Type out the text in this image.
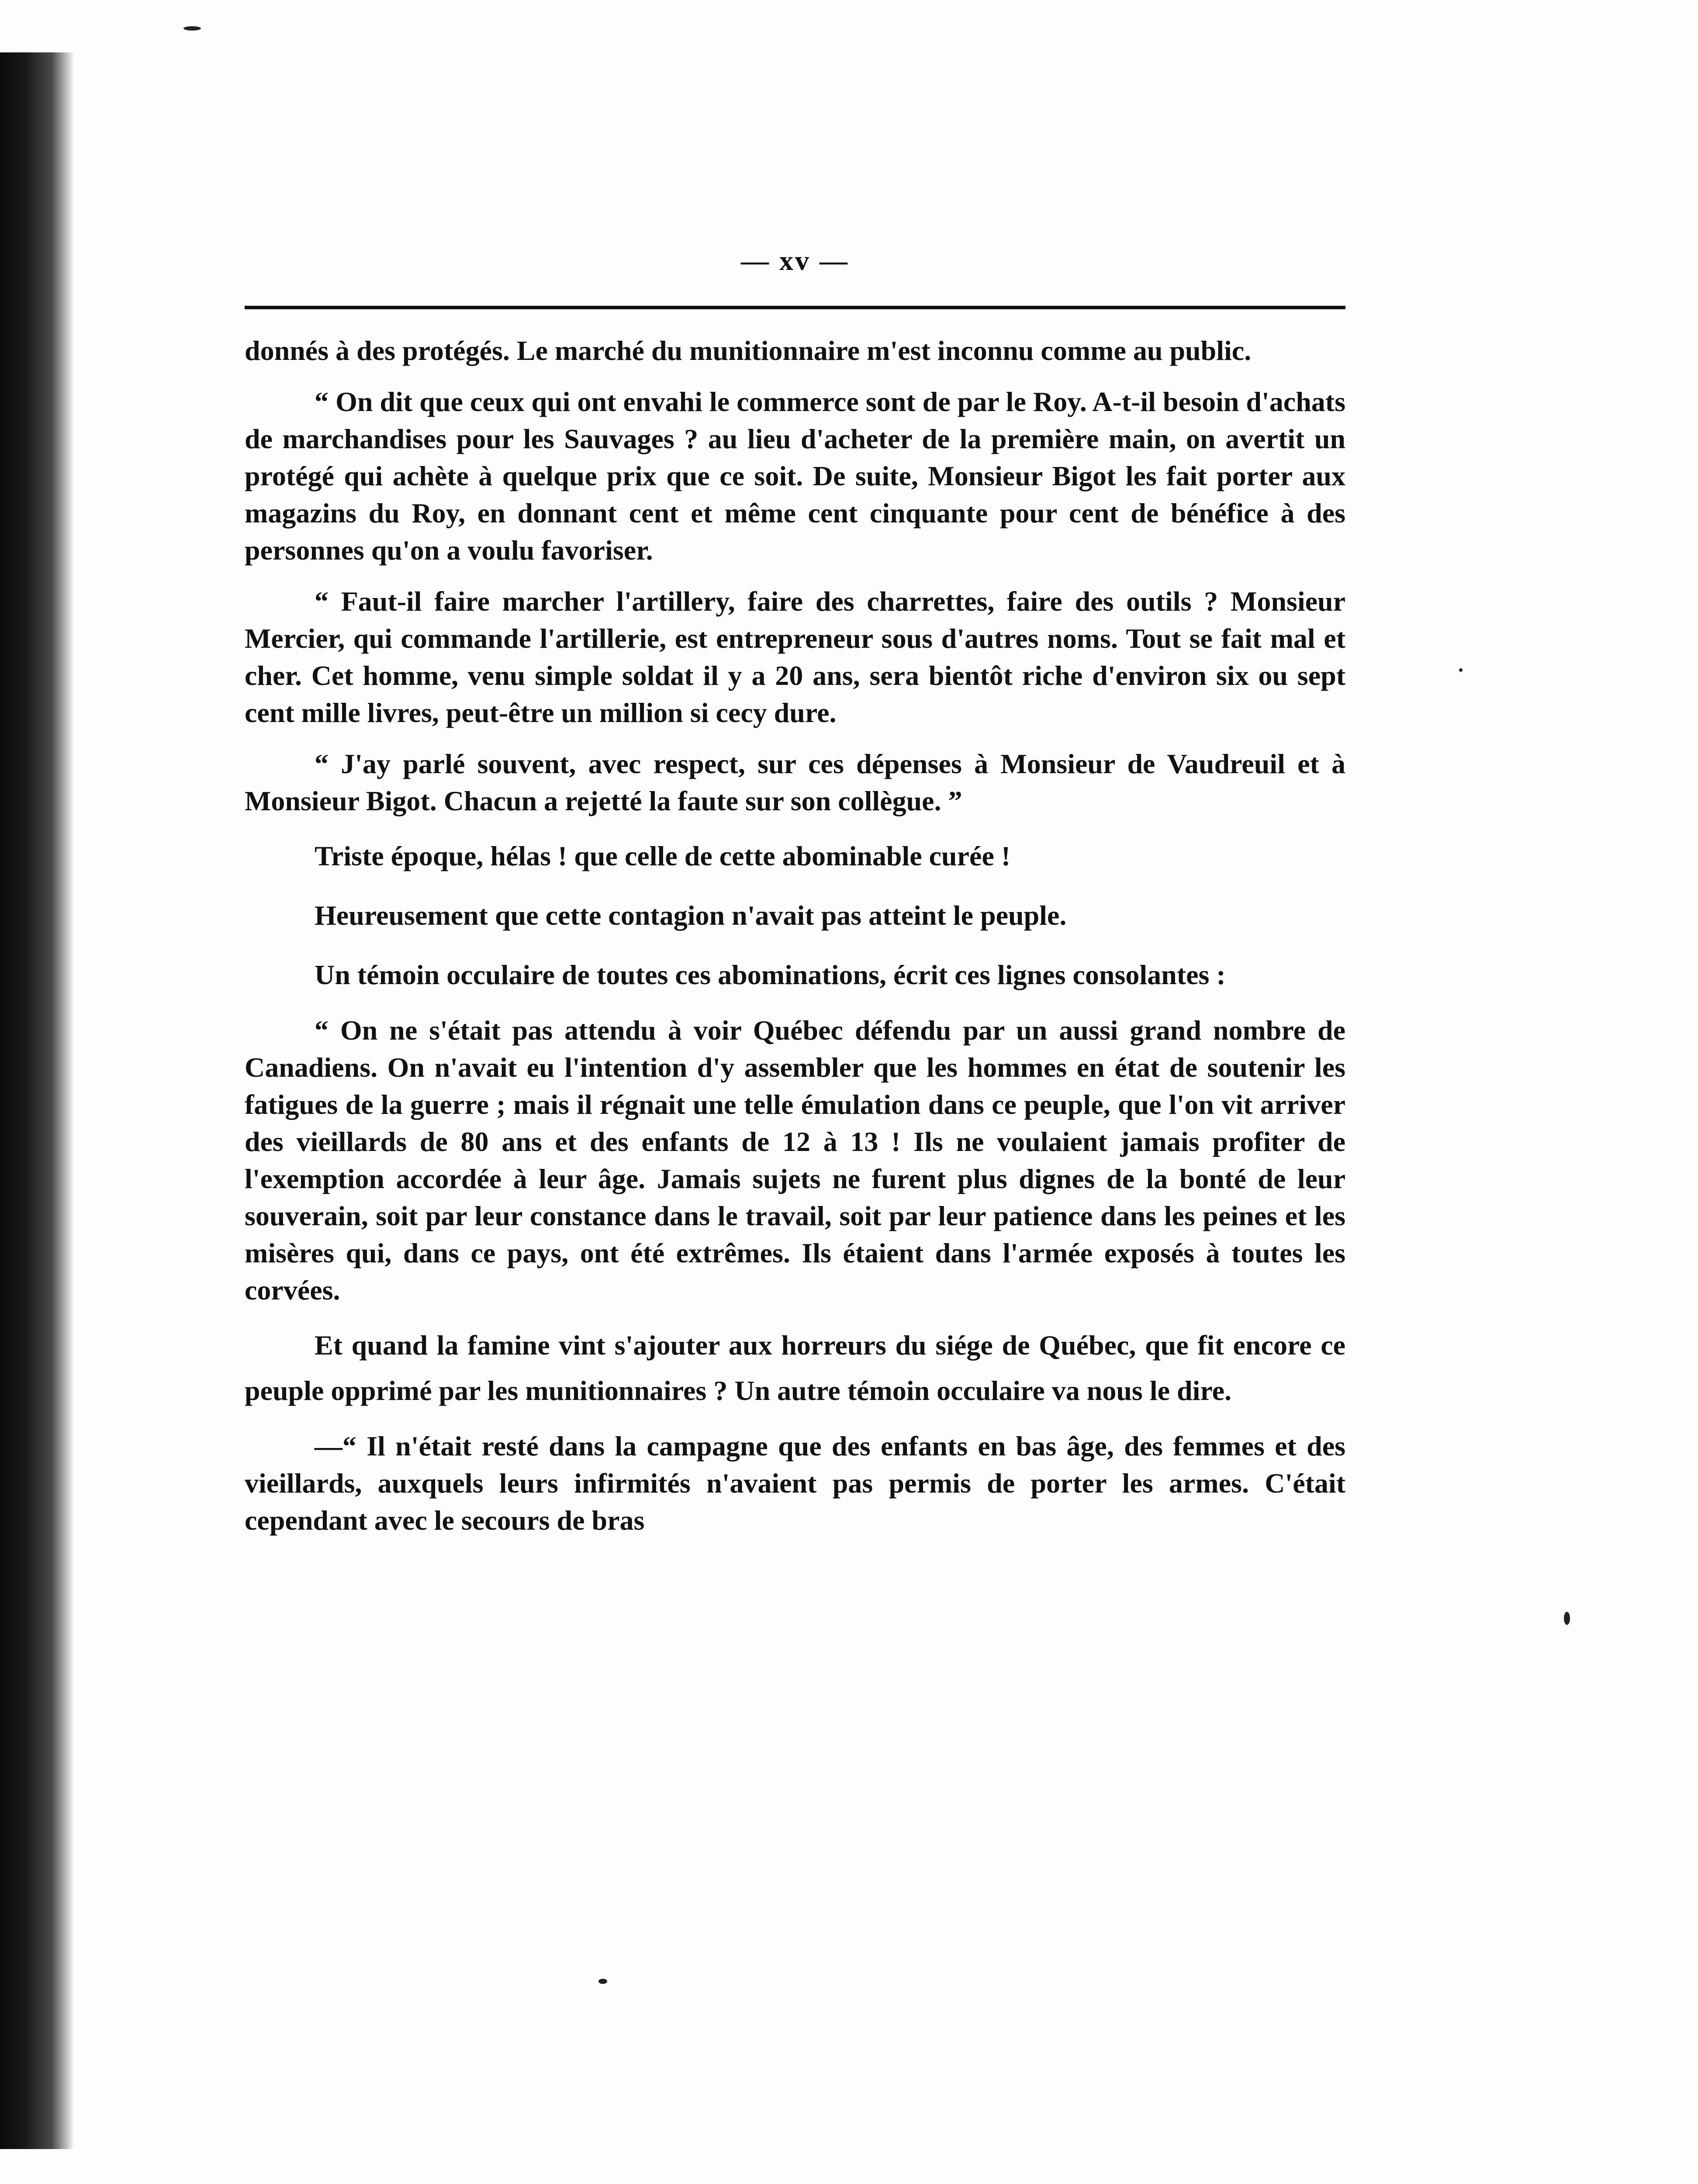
— xv —

donnés à des protégés. Le marché du munitionnaire m'est inconnu comme au public.

“ On dit que ceux qui ont envahi le commerce sont de par le Roy. A-t-il besoin d'achats de marchandises pour les Sauvages ? au lieu d'acheter de la première main, on avertit un protégé qui achète à quelque prix que ce soit. De suite, Monsieur Bigot les fait porter aux magazins du Roy, en donnant cent et même cent cinquante pour cent de bénéfice à des personnes qu'on a voulu favoriser.

“ Faut-il faire marcher l'artillery, faire des charrettes, faire des outils ? Monsieur Mercier, qui commande l'artillerie, est entrepreneur sous d'autres noms. Tout se fait mal et cher. Cet homme, venu simple soldat il y a 20 ans, sera bientôt riche d'environ six ou sept cent mille livres, peut-être un million si cecy dure.

“ J'ay parlé souvent, avec respect, sur ces dépenses à Monsieur de Vaudreuil et à Monsieur Bigot. Chacun a rejetté la faute sur son collègue. ”

Triste époque, hélas ! que celle de cette abominable curée !

Heureusement que cette contagion n'avait pas atteint le peuple.

Un témoin occulaire de toutes ces abominations, écrit ces lignes consolantes :

“ On ne s'était pas attendu à voir Québec défendu par un aussi grand nombre de Canadiens. On n'avait eu l'intention d'y assembler que les hommes en état de soutenir les fatigues de la guerre ; mais il régnait une telle émulation dans ce peuple, que l'on vit arriver des vieillards de 80 ans et des enfants de 12 à 13 ! Ils ne voulaient jamais profiter de l'exemption accordée à leur âge. Jamais sujets ne furent plus dignes de la bonté de leur souverain, soit par leur constance dans le travail, soit par leur patience dans les peines et les misères qui, dans ce pays, ont été extrêmes. Ils étaient dans l'armée exposés à toutes les corvées.

Et quand la famine vint s'ajouter aux horreurs du siége de Québec, que fit encore ce peuple opprimé par les munitionnaires ? Un autre témoin occulaire va nous le dire.

—“ Il n'était resté dans la campagne que des enfants en bas âge, des femmes et des vieillards, auxquels leurs infirmités n'avaient pas permis de porter les armes. C'était cependant avec le secours de bras
